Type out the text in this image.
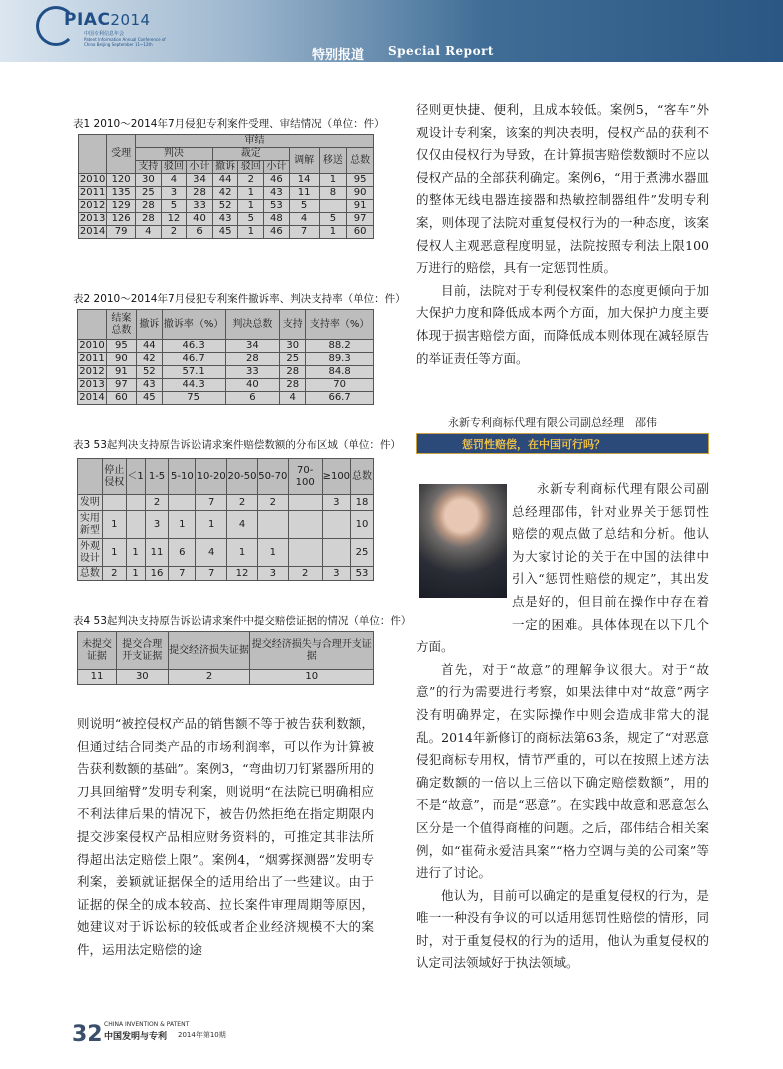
PIAC2014
中国专利信息年会
Patent Information Annual Conference of China Beijing September 11~12th
特别报道 Special Report
表1 2010～2014年7月侵犯专利案件受理、审结情况（单位：件）
	受理	审结								
		判决			裁定			调解	移送	总数
		支持	驳回	小计	撤诉	驳回	小计			
2010	120	30	4	34	44	2	46	14	1	95
2011	135	25	3	28	42	1	43	11	8	90
2012	129	28	5	33	52	1	53	5		91
2013	126	28	12	40	43	5	48	4	5	97
2014	79	4	2	6	45	1	46	7	1	60
表2 2010～2014年7月侵犯专利案件撤诉率、判决支持率（单位：件）
	结案
总数	撤诉	撤诉率（%）	判决总数	支持	支持率（%）
2010	95	44	46.3	34	30	88.2
2011	90	42	46.7	28	25	89.3
2012	91	52	57.1	33	28	84.8
2013	97	43	44.3	40	28	70
2014	60	45	75	6	4	66.7
表3 53起判决支持原告诉讼请求案件赔偿数额的分布区域（单位：件）
	停止
侵权	＜1	1-5	5-10	10-20	20-50	50-70	70-100	≥100	总数
发明			2		7	2	2		3	18
实用
新型	1		3	1	1	4				10
外观
设计	1	1	11	6	4	1	1			25
总数	2	1	16	7	7	12	3	2	3	53
表4 53起判决支持原告诉讼请求案件中提交赔偿证据的情况（单位：件）
未提交
证据	提交合理
开支证据	提交经济损失证据	提交经济损失与合理开支证据
11	30	2	10

则说明“被控侵权产品的销售额不等于被告获利数额，但通过结合同类产品的市场利润率，可以作为计算被告获利数额的基础”。案例3，“弯曲切刀钉紧器所用的刀具回缩臂”发明专利案，则说明“在法院已明确相应不利法律后果的情况下，被告仍然拒绝在指定期限内提交涉案侵权产品相应财务资料的，可推定其非法所得超出法定赔偿上限”。案例4，“烟雾探测器”发明专利案，姜颖就证据保全的适用给出了一些建议。由于证据的保全的成本较高、拉长案件审理周期等原因，她建议对于诉讼标的较低或者企业经济规模不大的案件，运用法定赔偿的途

径则更快捷、便利，且成本较低。案例5，“客车”外观设计专利案，该案的判决表明，侵权产品的获利不仅仅由侵权行为导致，在计算损害赔偿数额时不应以侵权产品的全部获利确定。案例6，“用于煮沸水器皿的整体无线电器连接器和热敏控制器组件”发明专利案，则体现了法院对重复侵权行为的一种态度，该案侵权人主观恶意程度明显，法院按照专利法上限100万进行的赔偿，具有一定惩罚性质。

目前，法院对于专利侵权案件的态度更倾向于加大保护力度和降低成本两个方面，加大保护力度主要体现于损害赔偿方面，而降低成本则体现在减轻原告的举证责任等方面。

永新专利商标代理有限公司副总经理　邵伟
惩罚性赔偿，在中国可行吗？

永新专利商标代理有限公司副总经理邵伟，针对业界关于惩罚性赔偿的观点做了总结和分析。他认为大家讨论的关于在中国的法律中引入“惩罚性赔偿的规定”，其出发点是好的，但目前在操作中存在着一定的困难。具体体现在以下几个方面。

首先，对于“故意”的理解争议很大。对于“故意”的行为需要进行考察，如果法律中对“故意”两字没有明确界定，在实际操作中则会造成非常大的混乱。2014年新修订的商标法第63条，规定了“对恶意侵犯商标专用权，情节严重的，可以在按照上述方法确定数额的一倍以上三倍以下确定赔偿数额”，用的不是“故意”，而是“恶意”。在实践中故意和恶意怎么区分是一个值得商榷的问题。之后，邵伟结合相关案例，如“崔荷永爱洁具案”“格力空调与美的公司案”等进行了讨论。

他认为，目前可以确定的是重复侵权的行为，是唯一一种没有争议的可以适用惩罚性赔偿的情形，同时，对于重复侵权的行为的适用，他认为重复侵权的认定司法领域好于执法领域。

32 CHINA INVENTION & PATENT
中国发明与专利 2014年第10期
